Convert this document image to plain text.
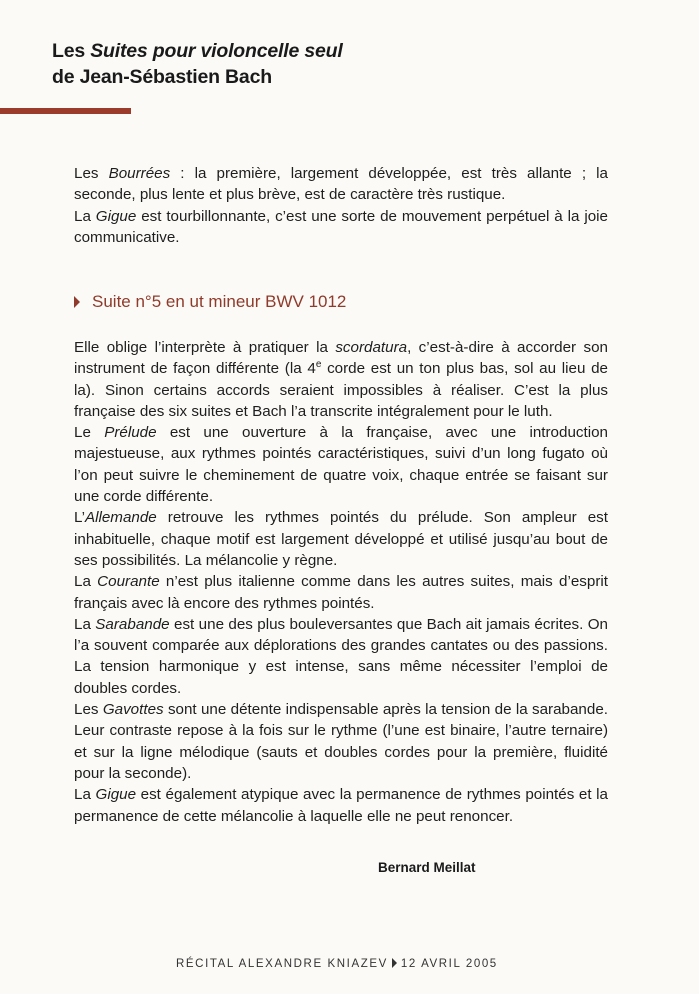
Les Suites pour violoncelle seul
de Jean-Sébastien Bach

Les Bourrées : la première, largement développée, est très allante ; la seconde, plus lente et plus brève, est de caractère très rustique.

La Gigue est tourbillonnante, c’est une sorte de mouvement perpétuel à la joie communicative.

Suite n°5 en ut mineur BWV 1012

Elle oblige l’interprète à pratiquer la scordatura, c’est-à-dire à accorder son instrument de façon différente (la 4e corde est un ton plus bas, sol au lieu de la). Sinon certains accords seraient impossibles à réaliser. C’est la plus française des six suites et Bach l’a transcrite intégralement pour le luth.

Le Prélude est une ouverture à la française, avec une introduction majestueuse, aux rythmes pointés caractéristiques, suivi d’un long fugato où l’on peut suivre le cheminement de quatre voix, chaque entrée se faisant sur une corde différente.

L’Allemande retrouve les rythmes pointés du prélude. Son ampleur est inhabituelle, chaque motif est largement développé et utilisé jusqu’au bout de ses possibilités. La mélancolie y règne.

La Courante n’est plus italienne comme dans les autres suites, mais d’esprit français avec là encore des rythmes pointés.

La Sarabande est une des plus bouleversantes que Bach ait jamais écrites. On l’a souvent comparée aux déplorations des grandes cantates ou des passions. La tension harmonique y est intense, sans même nécessiter l’emploi de doubles cordes.

Les Gavottes sont une détente indispensable après la tension de la sarabande. Leur contraste repose à la fois sur le rythme (l’une est binaire, l’autre ternaire) et sur la ligne mélodique (sauts et doubles cordes pour la première, fluidité pour la seconde).

La Gigue est également atypique avec la permanence de rythmes pointés et la permanence de cette mélancolie à laquelle elle ne peut renoncer.

Bernard Meillat
RÉCITAL ALEXANDRE KNIAZEV 12 AVRIL 2005
